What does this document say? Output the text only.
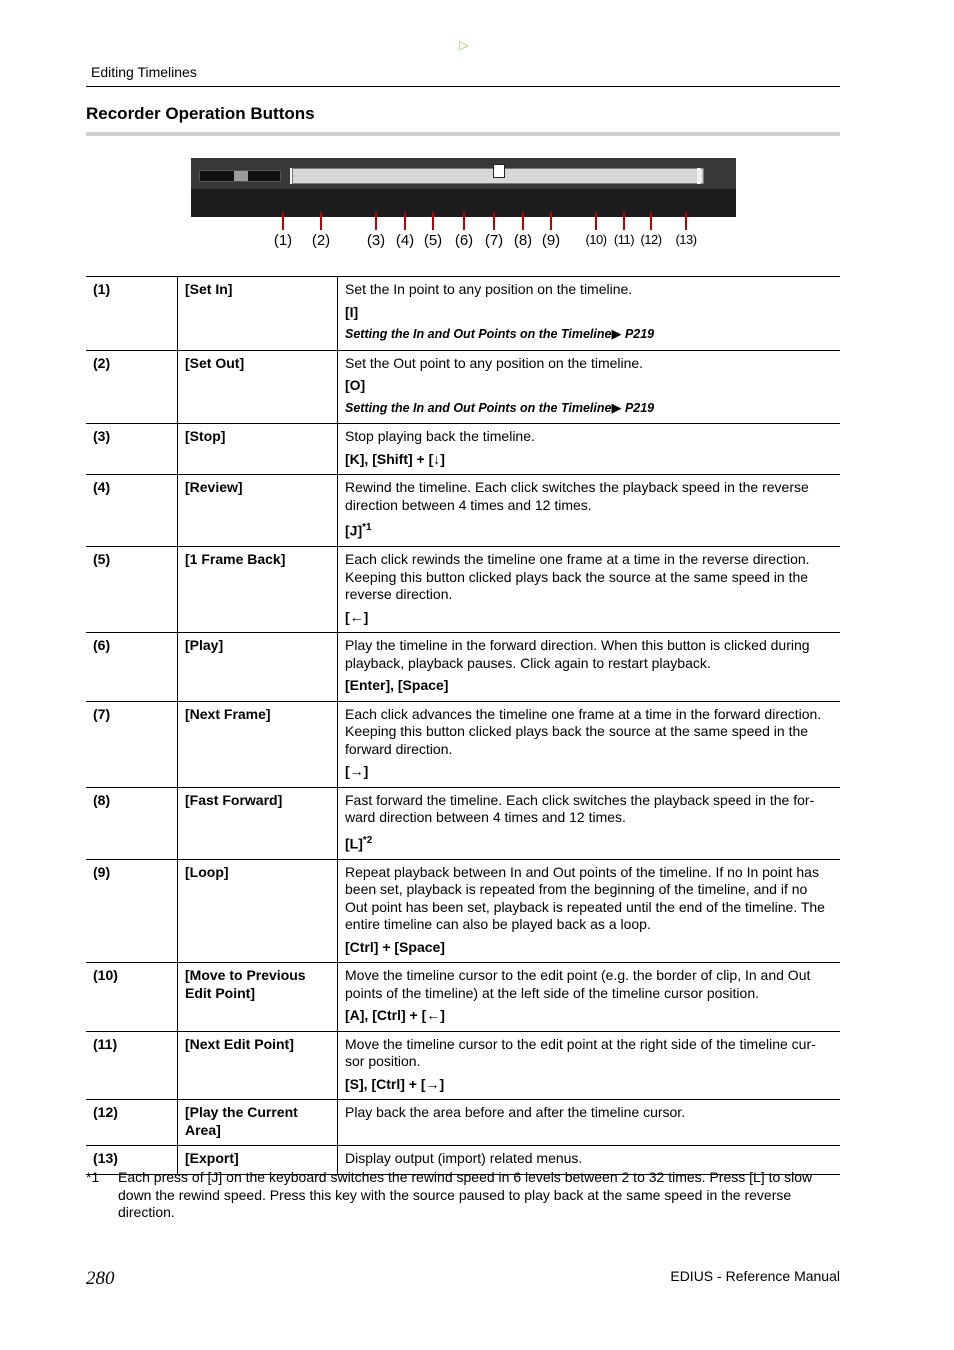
Editing Timelines
Recorder Operation Buttons
⌐	¬	◻	◀◀ ◁|	▷	|▷ ▷▷	⊡	][← →][ ▸[▸	⎙
▼	▼	▼	▼	▼
(1)	(2)	(3) (4) (5) (6) (7) (8) (9)	(10) (11) (12)	(13)
(1)	[Set In]	Set the In point to any position on the timeline.

[I]

Setting the In and Out Points on the Timeline▶ P219

(2)	[Set Out]	Set the Out point to any position on the timeline.

[O]

Setting the In and Out Points on the Timeline▶ P219

(3)	[Stop]	Stop playing back the timeline.

[K], [Shift] + [↓]

(4)	[Review]	Rewind the timeline. Each click switches the playback speed in the reverse direction between 4 times and 12 times.

$[J]^{*1}$

(5)	[1 Frame Back]	Each click rewinds the timeline one frame at a time in the reverse direction. Keeping this button clicked plays back the source at the same speed in the reverse direction.

[←]

(6)	[Play]	Play the timeline in the forward direction. When this button is clicked during playback, playback pauses. Click again to restart playback.

[Enter], [Space]

(7)	[Next Frame]	Each click advances the timeline one frame at a time in the forward direction. Keeping this button clicked plays back the source at the same speed in the forward direction.

[→]

(8)	[Fast Forward]	Fast forward the timeline. Each click switches the playback speed in the for-ward direction between 4 times and 12 times.

$[L]^{*2}$

(9)	[Loop]	Repeat playback between In and Out points of the timeline. If no In point has been set, playback is repeated from the beginning of the timeline, and if no Out point has been set, playback is repeated until the end of the timeline. The entire timeline can also be played back as a loop.

[Ctrl] + [Space]

(10)	[Move to Previous Edit Point]	Move the timeline cursor to the edit point (e.g. the border of clip, In and Out points of the timeline) at the left side of the timeline cursor position.

[A], [Ctrl] + [←]

(11)	[Next Edit Point]	Move the timeline cursor to the edit point at the right side of the timeline cur-sor position.

[S], [Ctrl] + [→]

(12)	[Play the Current Area]	Play back the area before and after the timeline cursor.

(13)	[Export]	Display output (import) related menus.

*1 Each press of [J] on the keyboard switches the rewind speed in 6 levels between 2 to 32 times. Press [L] to slow down the rewind speed. Press this key with the source paused to play back at the same speed in the reverse direction.
280	EDIUS - Reference Manual
